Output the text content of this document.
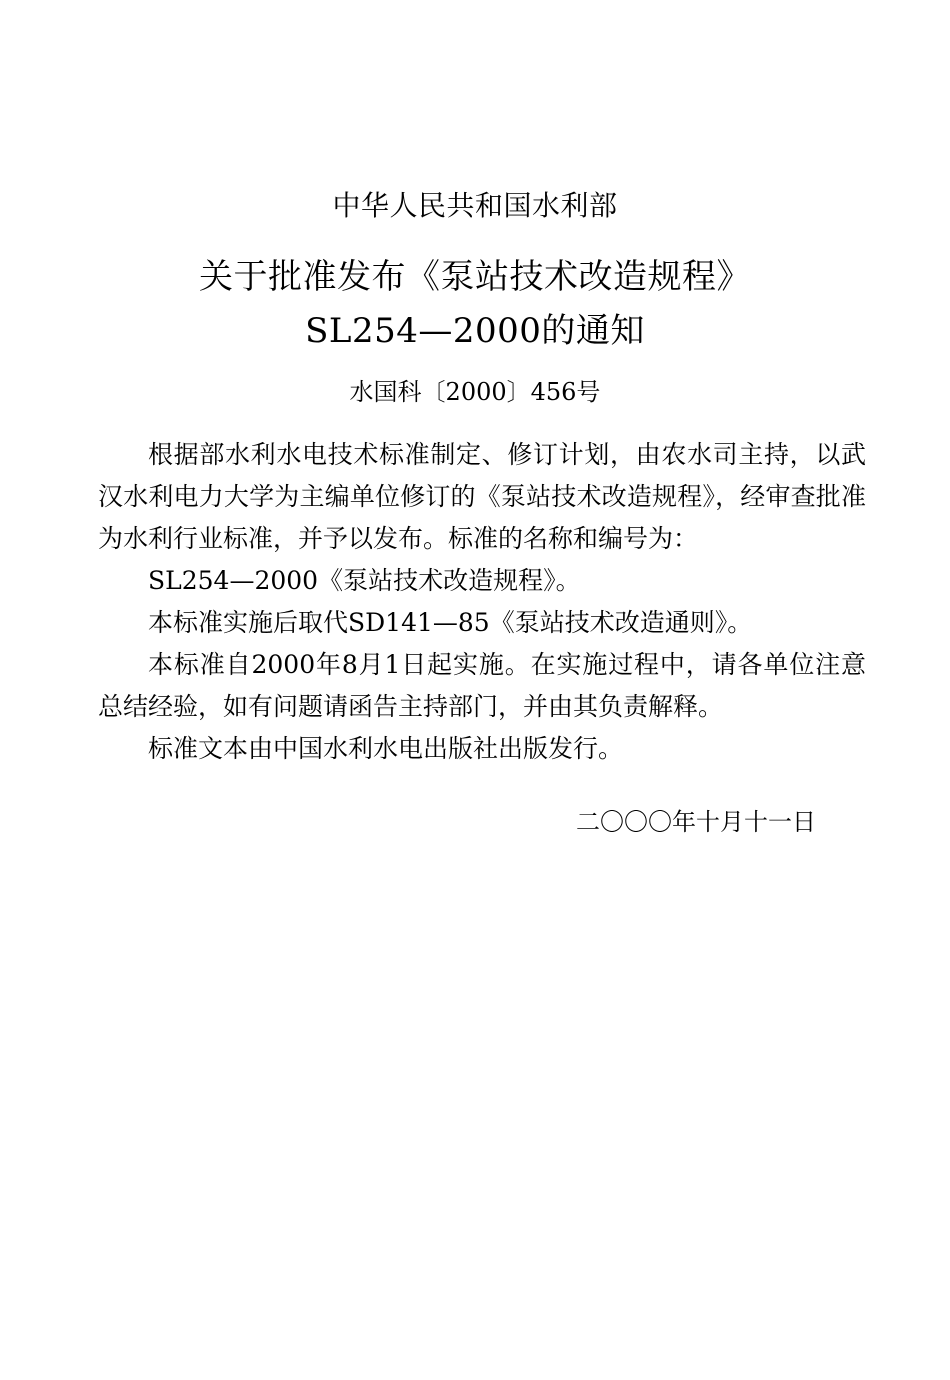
中华人民共和国水利部
关于批准发布《泵站技术改造规程》
SL254—2000的通知
水国科〔2000〕456号

根据部水利水电技术标准制定、修订计划，由农水司主持，以武汉水利电力大学为主编单位修订的《泵站技术改造规程》，经审查批准为水利行业标准，并予以发布。标准的名称和编号为：

SL254—2000《泵站技术改造规程》。

本标准实施后取代SD141—85《泵站技术改造通则》。

本标准自2000年8月1日起实施。在实施过程中，请各单位注意总结经验，如有问题请函告主持部门，并由其负责解释。

标准文本由中国水利水电出版社出版发行。

二〇〇〇年十月十一日
